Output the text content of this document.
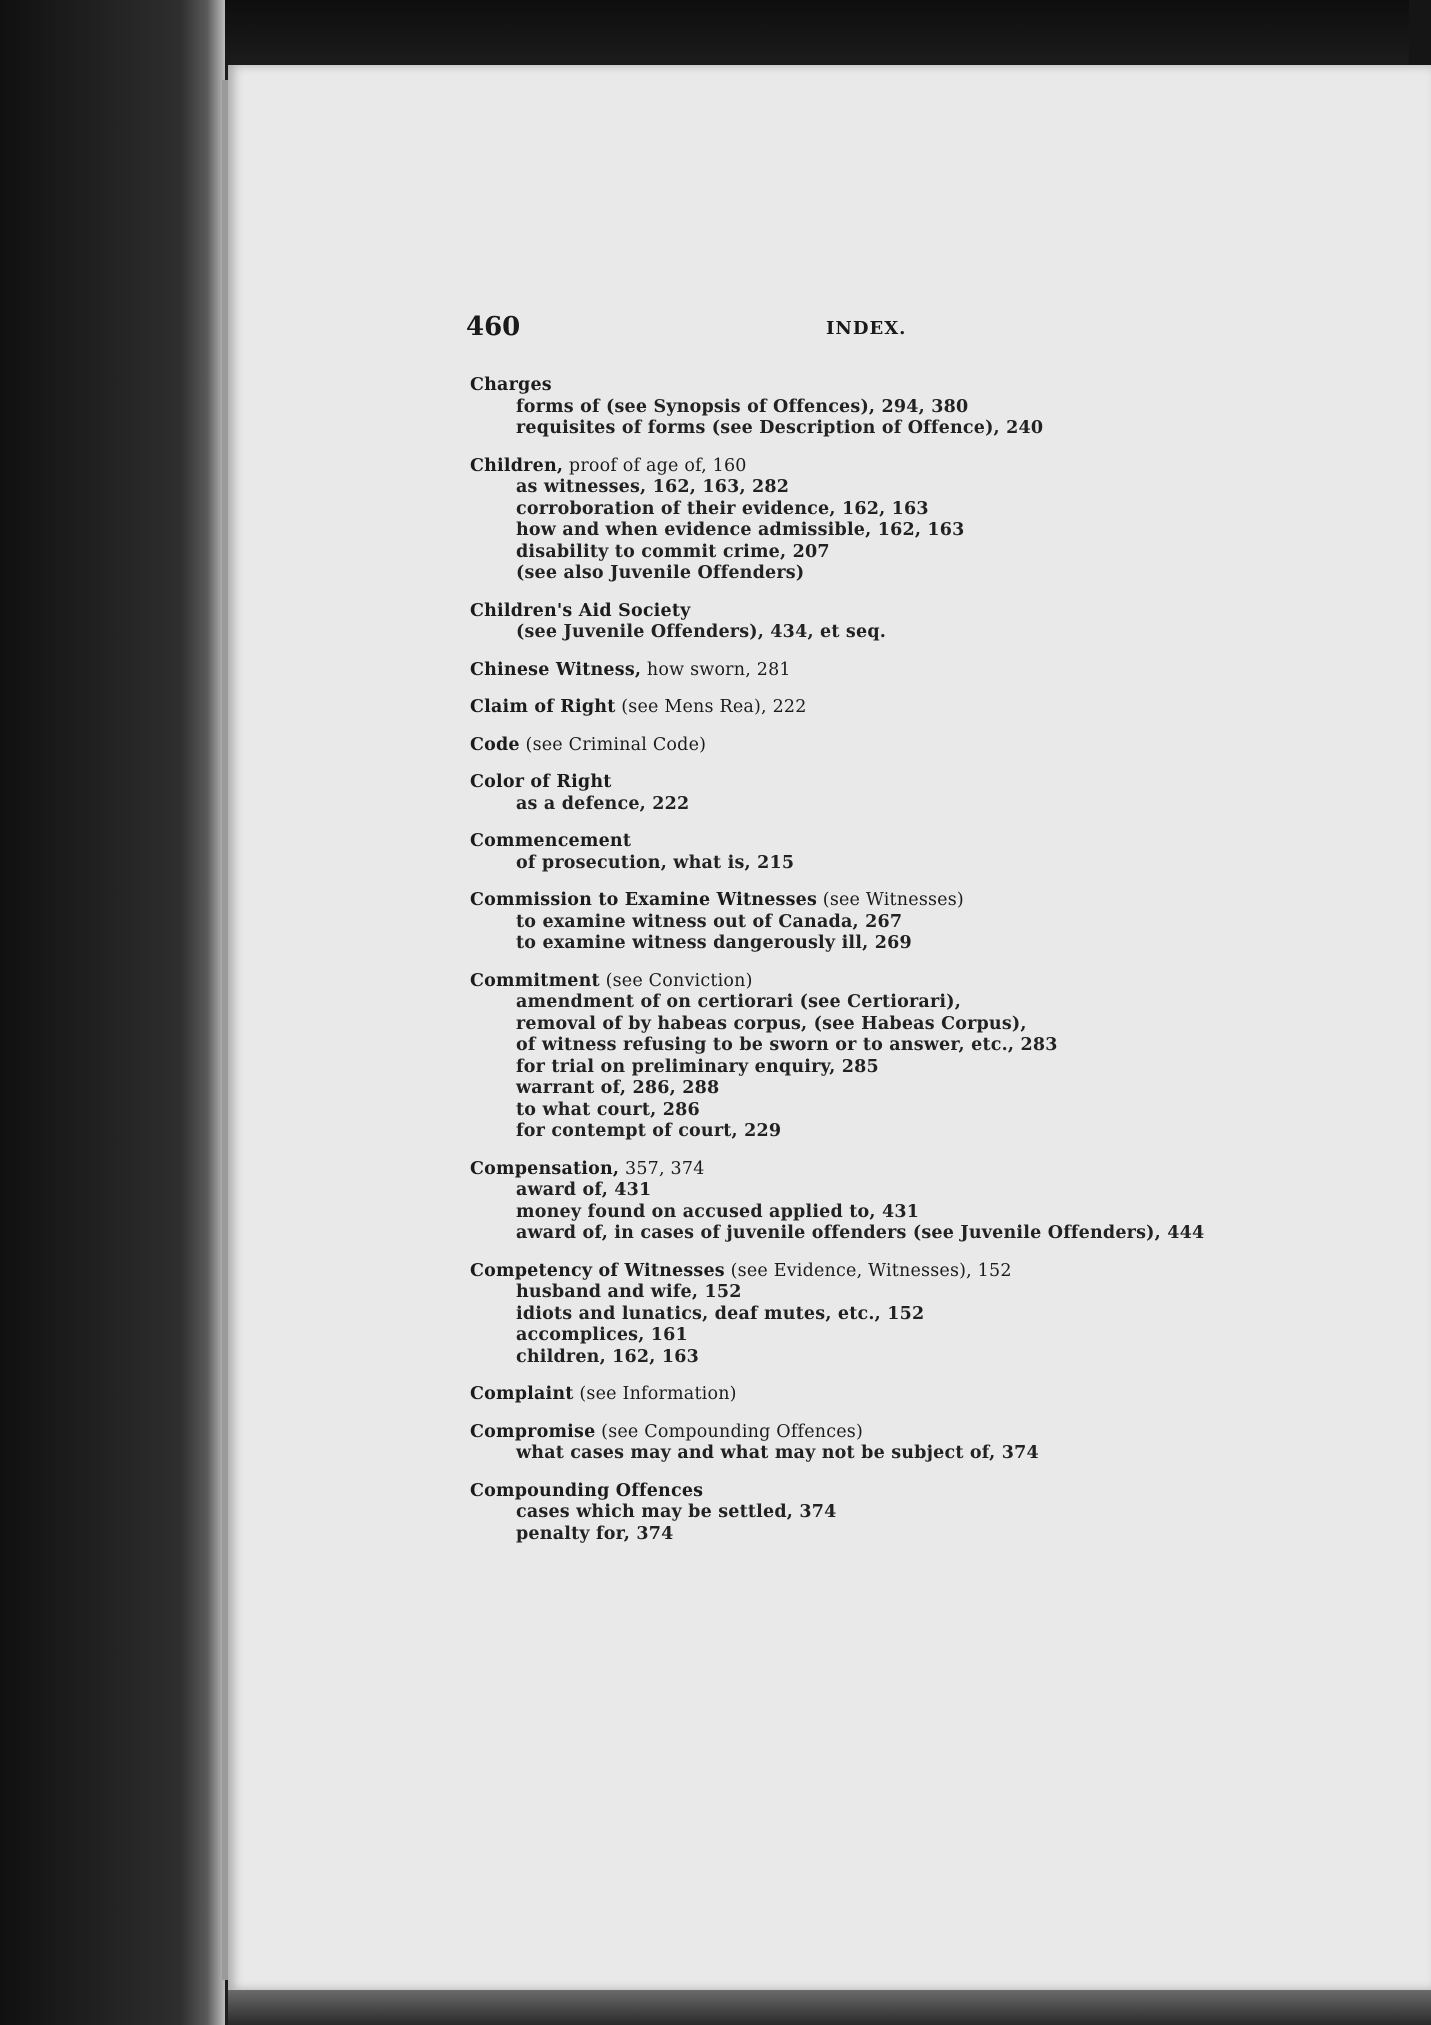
460	INDEX.
Charges
forms of (see Synopsis of Offences), 294, 380
requisites of forms (see Description of Offence), 240
Children, proof of age of, 160
as witnesses, 162, 163, 282
corroboration of their evidence, 162, 163
how and when evidence admissible, 162, 163
disability to commit crime, 207
(see also Juvenile Offenders)
Children's Aid Society
(see Juvenile Offenders), 434, et seq.
Chinese Witness, how sworn, 281
Claim of Right (see Mens Rea), 222
Code (see Criminal Code)
Color of Right
as a defence, 222
Commencement
of prosecution, what is, 215
Commission to Examine Witnesses (see Witnesses)
to examine witness out of Canada, 267
to examine witness dangerously ill, 269
Commitment (see Conviction)
amendment of on certiorari (see Certiorari),
removal of by habeas corpus, (see Habeas Corpus),
of witness refusing to be sworn or to answer, etc., 283
for trial on preliminary enquiry, 285
warrant of, 286, 288
to what court, 286
for contempt of court, 229
Compensation, 357, 374
award of, 431
money found on accused applied to, 431
award of, in cases of juvenile offenders (see Juvenile Offenders), 444
Competency of Witnesses (see Evidence, Witnesses), 152
husband and wife, 152
idiots and lunatics, deaf mutes, etc., 152
accomplices, 161
children, 162, 163
Complaint (see Information)
Compromise (see Compounding Offences)
what cases may and what may not be subject of, 374
Compounding Offences
cases which may be settled, 374
penalty for, 374
